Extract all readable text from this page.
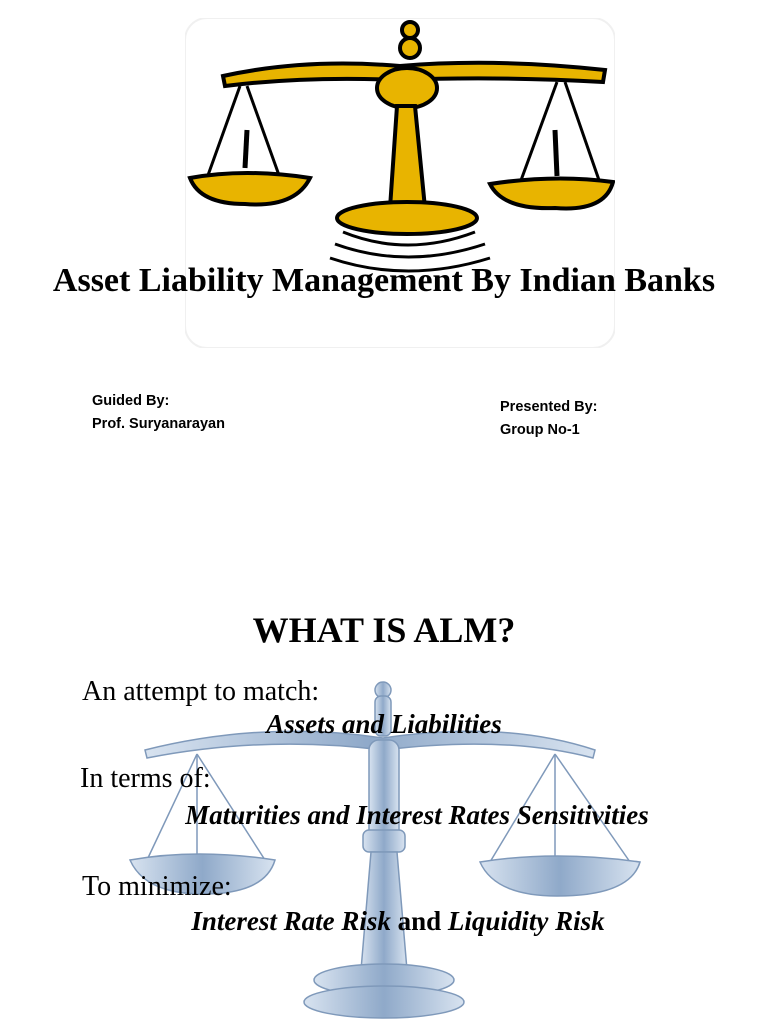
Asset Liability Management By Indian Banks
Guided By:
Prof. Suryanarayan
Presented By:
Group No-1
WHAT IS ALM?
An attempt to match:
Assets and Liabilities
In terms of:
Maturities and Interest Rates Sensitivities
To minimize:
Interest Rate Risk and Liquidity Risk
